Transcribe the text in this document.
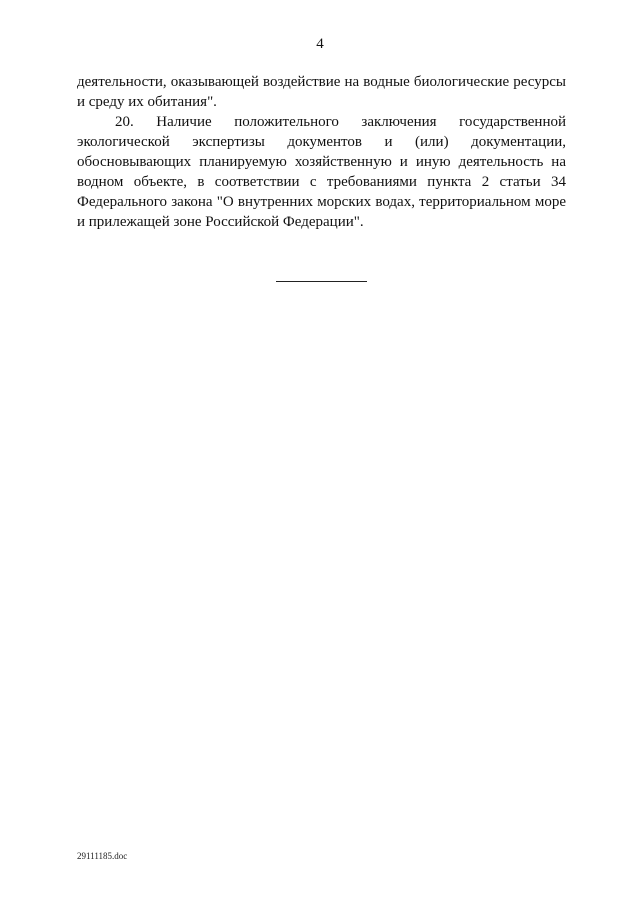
4

деятельности, оказывающей воздействие на водные биологические ресурсы и среду их обитания".

20. Наличие положительного заключения государственной экологической экспертизы документов и (или) документации, обосновывающих планируемую хозяйственную и иную деятельность на водном объекте, в соответствии с требованиями пункта 2 статьи 34 Федерального закона "О внутренних морских водах, территориальном море и прилежащей зоне Российской Федерации".

29111185.doc
